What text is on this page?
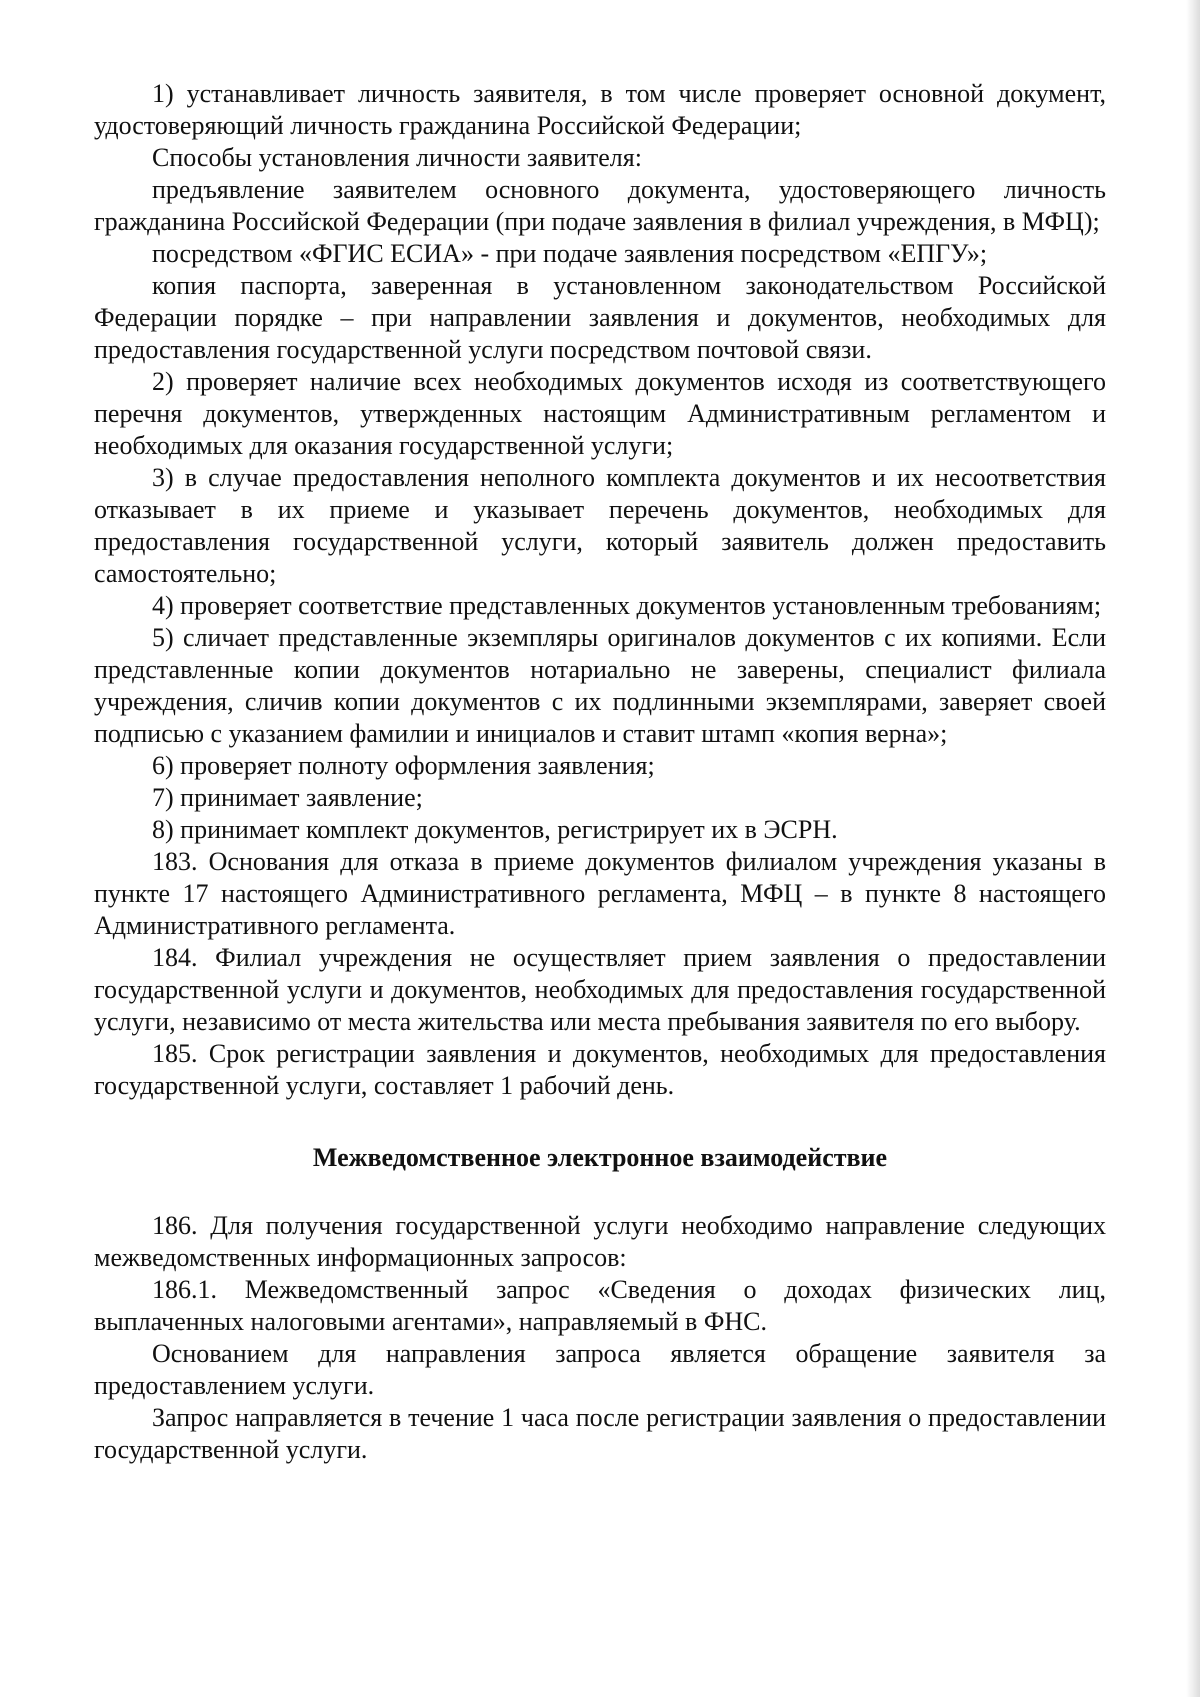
1) устанавливает личность заявителя, в том числе проверяет основной документ, удостоверяющий личность гражданина Российской Федерации;

Способы установления личности заявителя:

предъявление заявителем основного документа, удостоверяющего личность гражданина Российской Федерации (при подаче заявления в филиал учреждения, в МФЦ);

посредством «ФГИС ЕСИА» - при подаче заявления посредством «ЕПГУ»;

копия паспорта, заверенная в установленном законодательством Российской Федерации порядке – при направлении заявления и документов, необходимых для предоставления государственной услуги посредством почтовой связи.

2) проверяет наличие всех необходимых документов исходя из соответствующего перечня документов, утвержденных настоящим Административным регламентом и необходимых для оказания государственной услуги;

3) в случае предоставления неполного комплекта документов и их несоответствия отказывает в их приеме и указывает перечень документов, необходимых для предоставления государственной услуги, который заявитель должен предоставить самостоятельно;

4) проверяет соответствие представленных документов установленным требованиям;

5) сличает представленные экземпляры оригиналов документов с их копиями. Если представленные копии документов нотариально не заверены, специалист филиала учреждения, сличив копии документов с их подлинными экземплярами, заверяет своей подписью с указанием фамилии и инициалов и ставит штамп «копия верна»;

6) проверяет полноту оформления заявления;

7) принимает заявление;

8) принимает комплект документов, регистрирует их в ЭСРН.

183. Основания для отказа в приеме документов филиалом учреждения указаны в пункте 17 настоящего Административного регламента, МФЦ – в пункте 8 настоящего Административного регламента.

184. Филиал учреждения не осуществляет прием заявления о предоставлении государственной услуги и документов, необходимых для предоставления государственной услуги, независимо от места жительства или места пребывания заявителя по его выбору.

185. Срок регистрации заявления и документов, необходимых для предоставления государственной услуги, составляет 1 рабочий день.

Межведомственное электронное взаимодействие

186. Для получения государственной услуги необходимо направление следующих межведомственных информационных запросов:

186.1. Межведомственный запрос «Сведения о доходах физических лиц, выплаченных налоговыми агентами», направляемый в ФНС.

Основанием для направления запроса является обращение заявителя за предоставлением услуги.

Запрос направляется в течение 1 часа после регистрации заявления о предоставлении государственной услуги.
